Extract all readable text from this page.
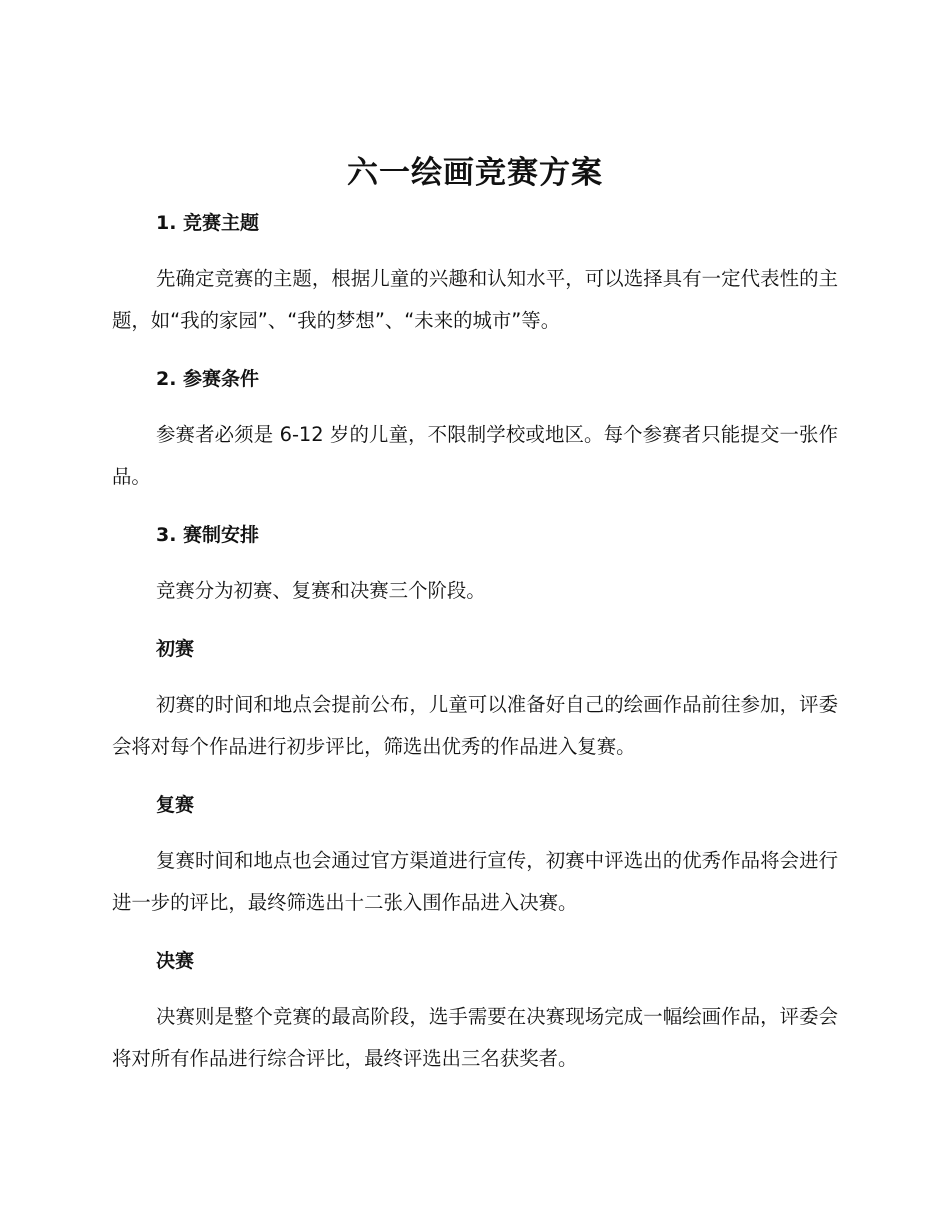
六一绘画竞赛方案
1. 竞赛主题

先确定竞赛的主题，根据儿童的兴趣和认知水平，可以选择具有一定代表性的主题，如“我的家园”、“我的梦想”、“未来的城市”等。

2. 参赛条件

参赛者必须是 6-12 岁的儿童，不限制学校或地区。每个参赛者只能提交一张作品。

3. 赛制安排

竞赛分为初赛、复赛和决赛三个阶段。

初赛

初赛的时间和地点会提前公布，儿童可以准备好自己的绘画作品前往参加，评委会将对每个作品进行初步评比，筛选出优秀的作品进入复赛。

复赛

复赛时间和地点也会通过官方渠道进行宣传，初赛中评选出的优秀作品将会进行进一步的评比，最终筛选出十二张入围作品进入决赛。

决赛

决赛则是整个竞赛的最高阶段，选手需要在决赛现场完成一幅绘画作品，评委会将对所有作品进行综合评比，最终评选出三名获奖者。
